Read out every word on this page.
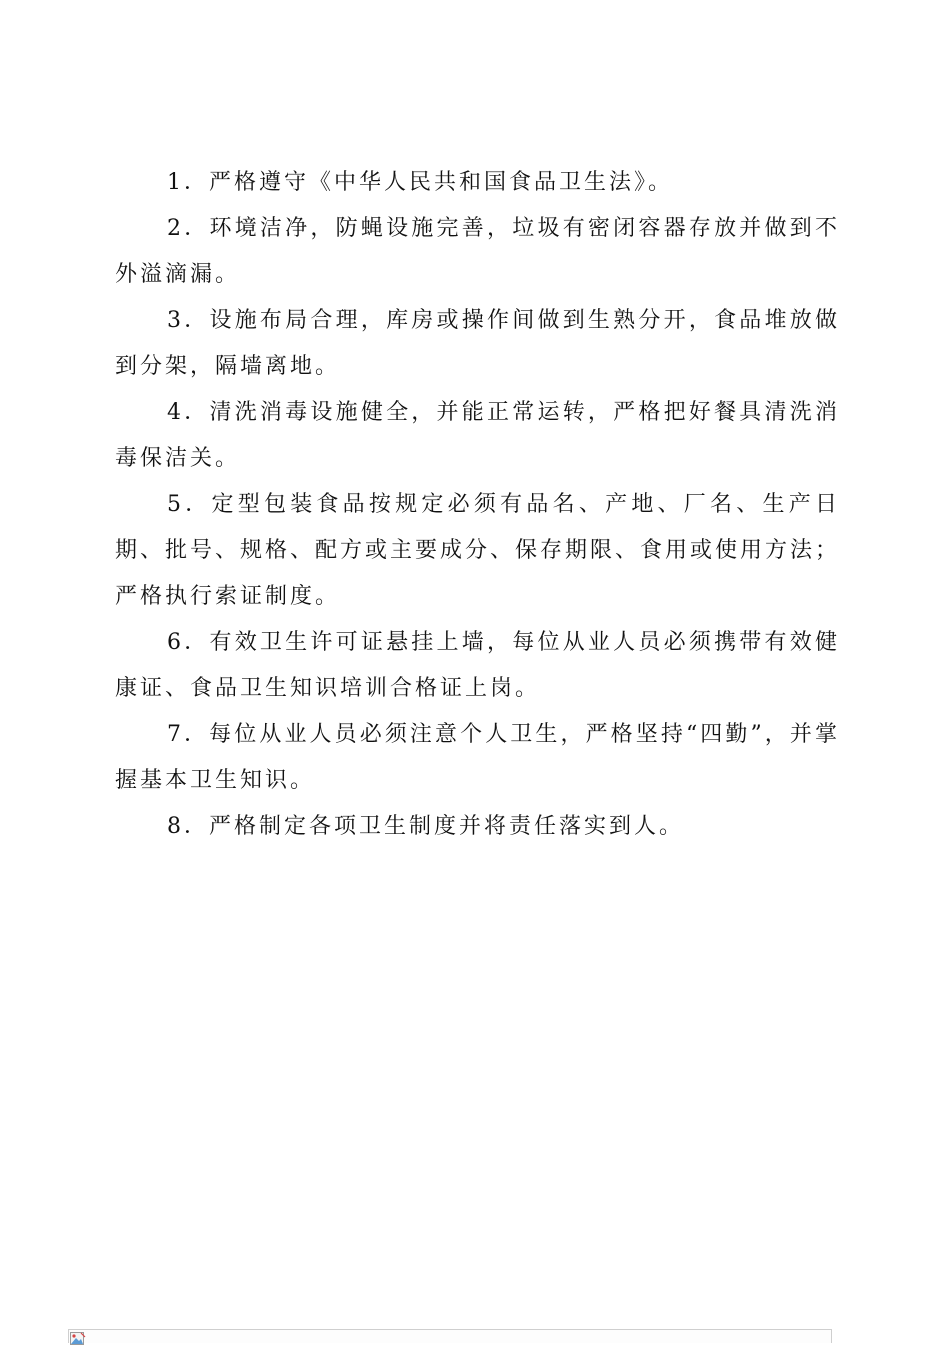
1．严格遵守《中华人民共和国食品卫生法》。

2．环境洁净，防蝇设施完善，垃圾有密闭容器存放并做到不外溢滴漏。

3．设施布局合理，库房或操作间做到生熟分开，食品堆放做到分架，隔墙离地。

4．清洗消毒设施健全，并能正常运转，严格把好餐具清洗消毒保洁关。

5．定型包装食品按规定必须有品名、产地、厂名、生产日期、批号、规格、配方或主要成分、保存期限、食用或使用方法；严格执行索证制度。

6．有效卫生许可证悬挂上墙，每位从业人员必须携带有效健康证、食品卫生知识培训合格证上岗。

7．每位从业人员必须注意个人卫生，严格坚持“四勤”，并掌握基本卫生知识。

8．严格制定各项卫生制度并将责任落实到人。
